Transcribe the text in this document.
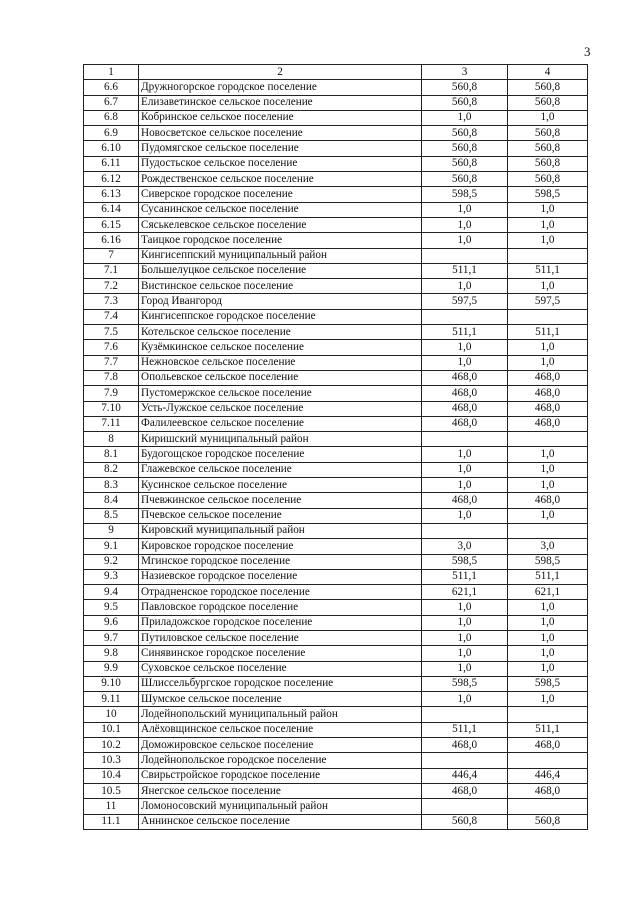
3
1	2	3	4
6.6	Дружногорское городское поселение	560,8	560,8
6.7	Елизаветинское сельское поселение	560,8	560,8
6.8	Кобринское сельское поселение	1,0	1,0
6.9	Новосветское сельское поселение	560,8	560,8
6.10	Пудомягское сельское поселение	560,8	560,8
6.11	Пудостьское сельское поселение	560,8	560,8
6.12	Рождественское сельское поселение	560,8	560,8
6.13	Сиверское городское поселение	598,5	598,5
6.14	Сусанинское сельское поселение	1,0	1,0
6.15	Сяськелевское сельское поселение	1,0	1,0
6.16	Таицкое городское поселение	1,0	1,0
7	Кингисеппский муниципальный район		
7.1	Большелуцкое сельское поселение	511,1	511,1
7.2	Вистинское сельское поселение	1,0	1,0
7.3	Город Ивангород	597,5	597,5
7.4	Кингисеппское городское поселение		
7.5	Котельское сельское поселение	511,1	511,1
7.6	Кузёмкинское сельское поселение	1,0	1,0
7.7	Нежновское сельское поселение	1,0	1,0
7.8	Опольевское сельское поселение	468,0	468,0
7.9	Пустомержское сельское поселение	468,0	468,0
7.10	Усть-Лужское сельское поселение	468,0	468,0
7.11	Фалилеевское сельское поселение	468,0	468,0
8	Киришский муниципальный район		
8.1	Будогощское городское поселение	1,0	1,0
8.2	Глажевское сельское поселение	1,0	1,0
8.3	Кусинское сельское поселение	1,0	1,0
8.4	Пчевжинское сельское поселение	468,0	468,0
8.5	Пчевское сельское поселение	1,0	1,0
9	Кировский муниципальный район		
9.1	Кировское городское поселение	3,0	3,0
9.2	Мгинское городское поселение	598,5	598,5
9.3	Назиевское городское поселение	511,1	511,1
9.4	Отрадненское городское поселение	621,1	621,1
9.5	Павловское городское поселение	1,0	1,0
9.6	Приладожское городское поселение	1,0	1,0
9.7	Путиловское сельское поселение	1,0	1,0
9.8	Синявинское городское поселение	1,0	1,0
9.9	Суховское сельское поселение	1,0	1,0
9.10	Шлиссельбургское городское поселение	598,5	598,5
9.11	Шумское сельское поселение	1,0	1,0
10	Лодейнопольский муниципальный район		
10.1	Алёховщинское сельское поселение	511,1	511,1
10.2	Доможировское сельское поселение	468,0	468,0
10.3	Лодейнопольское городское поселение		
10.4	Свирьстройское городское поселение	446,4	446,4
10.5	Янегское сельское поселение	468,0	468,0
11	Ломоносовский муниципальный район		
11.1	Аннинское сельское поселение	560,8	560,8
